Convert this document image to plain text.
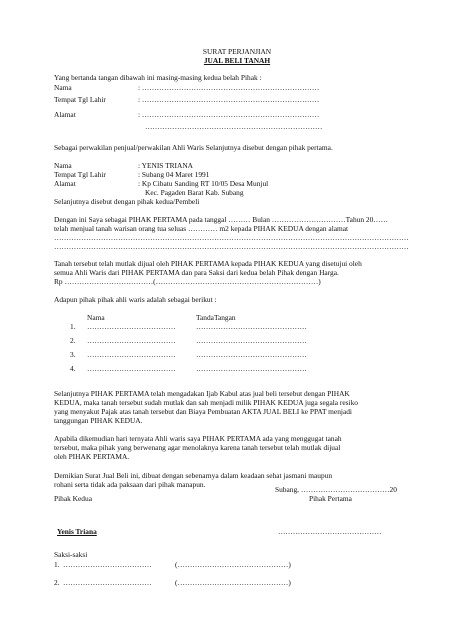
SURAT PERJANJIAN
JUAL BELI TANAH
Yang bertanda tangan dibawah ini masing-masing kedua belah Pihak :
Nama	: ………………………………………………………………
Tempat Tgl Lahir	: ………………………………………………………………
Alamat	: ………………………………………………………………
………………………………………………………………
Sebagai perwakilan penjual/perwakilan Ahli Waris Selanjutnya disebut dengan pihak pertama.
Nama	: YENIS TRIANA
Tempat Tgl Lahir	: Subang 04 Maret 1991
Alamat	: Kp Cibatu Sanding RT 10/05 Desa Munjul
Kec. Pagaden Barat Kab. Subang
Selanjutnya disebut dengan pihak kedua/Pembeli
Dengan ini Saya sebagai PIHAK PERTAMA pada tanggal ……… Bulan …………………………Tahun 20……
telah menjual tanah warisan orang tua seluas ………… m2 kepada PIHAK KEDUA dengan alamat
………………………………………………………………………………………………………………………………
………………………………………………………………………………………………………………………………
Tanah tersebut telah mutlak dijual oleh PIHAK PERTAMA kepada PIHAK KEDUA yang disetujui oleh
semua Ahli Waris dari PIHAK PERTAMA dan para Saksi dari kedua belah Pihak dengan Harga.
Rp ………………………………(…………………………………………………………)
Adapun pihak pihak ahli waris adalah sebagai berikut :
Nama	TandaTangan
1. ………………………………	………………………………………
2. ………………………………	………………………………………
3. ………………………………	………………………………………
4. ………………………………	………………………………………
Selanjutnya PIHAK PERTAMA telah mengadakan Ijab Kabul atas jual beli tersebut dengan PIHAK
KEDUA, maka tanah tersebut sudah mutlak dan sah menjadi milik PIHAK KEDUA juga segala resiko
yang menyakut Pajak atas tanah tersebut dan Biaya Pembuatan AKTA JUAL BELI ke PPAT menjadi
tanggungan PIHAK KEDUA.
Apabila dikemudian hari ternyata Ahli waris saya PIHAK PERTAMA ada yang menggugat tanah
tersebut, maka pihak yang berwenang agar menolaknya karena tanah tersebut telah mutlak dijual
oleh PIHAK PERTAMA.
Demikian Surat Jual Beli ini, dibuat dengan sebenarnya dalam keadaan sehat jasmani maupun
rohani serta tidak ada paksaan dari pihak manapun.
Subang, ………………………………20
Pihak Kedua	Pihak Pertama
Yenis Triana	……………………………………
Saksi-saksi
1. ………………………………	(………………………………………)
2. ………………………………	(………………………………………)
